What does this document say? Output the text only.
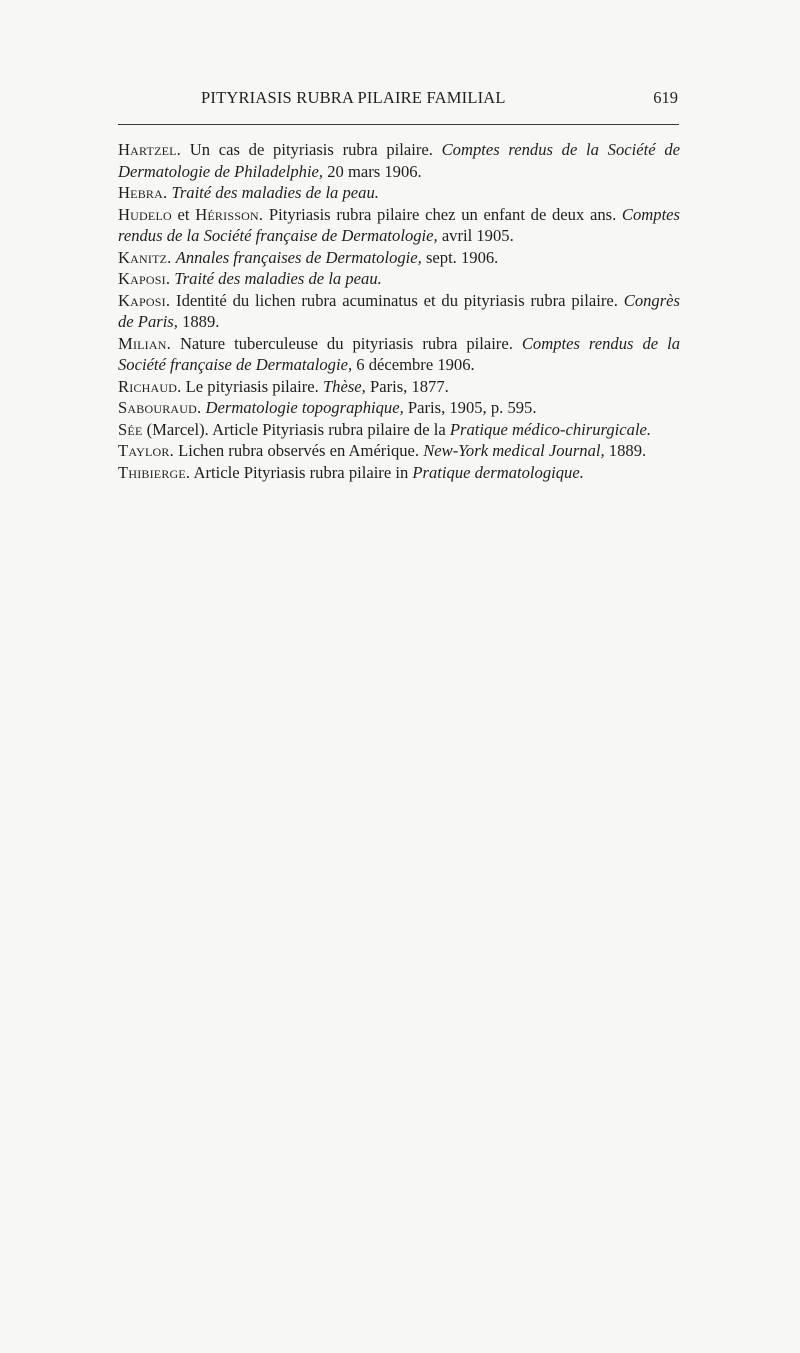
PITYRIASIS RUBRA PILAIRE FAMILIAL	619
Hartzel. Un cas de pityriasis rubra pilaire. Comptes rendus de la Société de Dermatologie de Philadelphie, 20 mars 1906.
Hebra. Traité des maladies de la peau.
Hudelo et Hérisson. Pityriasis rubra pilaire chez un enfant de deux ans. Comptes rendus de la Société française de Dermatologie, avril 1905.
Kanitz. Annales françaises de Dermatologie, sept. 1906.
Kaposi. Traité des maladies de la peau.
Kaposi. Identité du lichen rubra acuminatus et du pityriasis rubra pilaire. Congrès de Paris, 1889.
Milian. Nature tuberculeuse du pityriasis rubra pilaire. Comptes rendus de la Société française de Dermatalogie, 6 décembre 1906.
Richaud. Le pityriasis pilaire. Thèse, Paris, 1877.
Sabouraud. Dermatologie topographique, Paris, 1905, p. 595.
Sée (Marcel). Article Pityriasis rubra pilaire de la Pratique médico-chirurgicale.
Taylor. Lichen rubra observés en Amérique. New-York medical Journal, 1889.
Thibierge. Article Pityriasis rubra pilaire in Pratique dermatologique.
